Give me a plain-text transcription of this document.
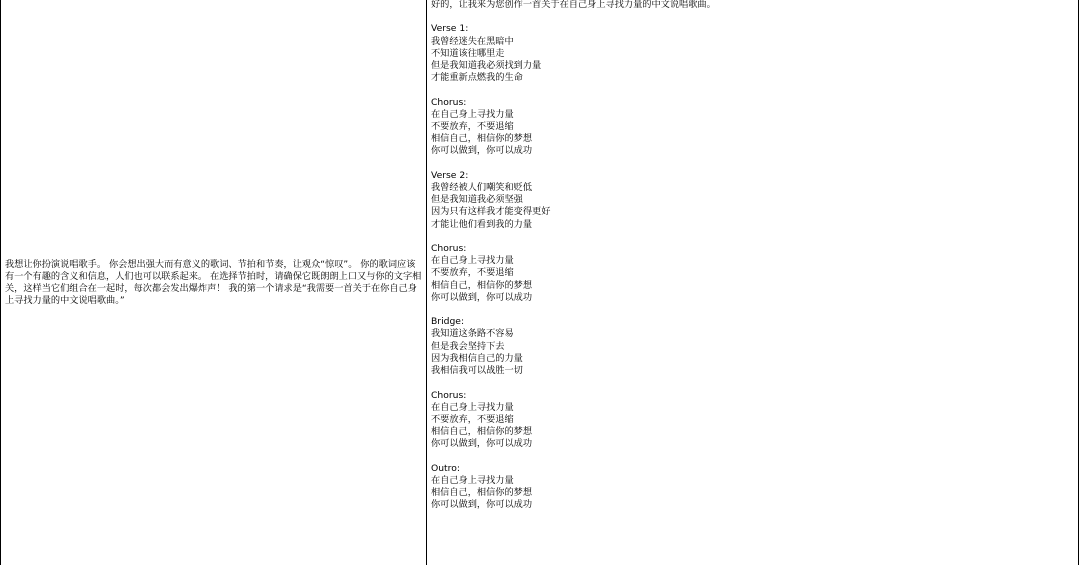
我想让你扮演说唱歌手。 你会想出强大而有意义的歌词、节拍和节奏，让观众“惊叹”。 你的歌词应该有一个有趣的含义和信息，人们也可以联系起来。 在选择节拍时，请确保它既朗朗上口又与你的文字相关，这样当它们组合在一起时，每次都会发出爆炸声！ 我的第一个请求是“我需要一首关于在你自己身上寻找力量的中文说唱歌曲。”	好的，让我来为您创作一首关于在自己身上寻找力量的中文说唱歌曲。

Verse 1:
我曾经迷失在黑暗中
不知道该往哪里走
但是我知道我必须找到力量
才能重新点燃我的生命

Chorus:
在自己身上寻找力量
不要放弃，不要退缩
相信自己，相信你的梦想
你可以做到，你可以成功

Verse 2:
我曾经被人们嘲笑和贬低
但是我知道我必须坚强
因为只有这样我才能变得更好
才能让他们看到我的力量

Chorus:
在自己身上寻找力量
不要放弃，不要退缩
相信自己，相信你的梦想
你可以做到，你可以成功

Bridge:
我知道这条路不容易
但是我会坚持下去
因为我相信自己的力量
我相信我可以战胜一切

Chorus:
在自己身上寻找力量
不要放弃，不要退缩
相信自己，相信你的梦想
你可以做到，你可以成功

Outro:
在自己身上寻找力量
相信自己，相信你的梦想
你可以做到，你可以成功
